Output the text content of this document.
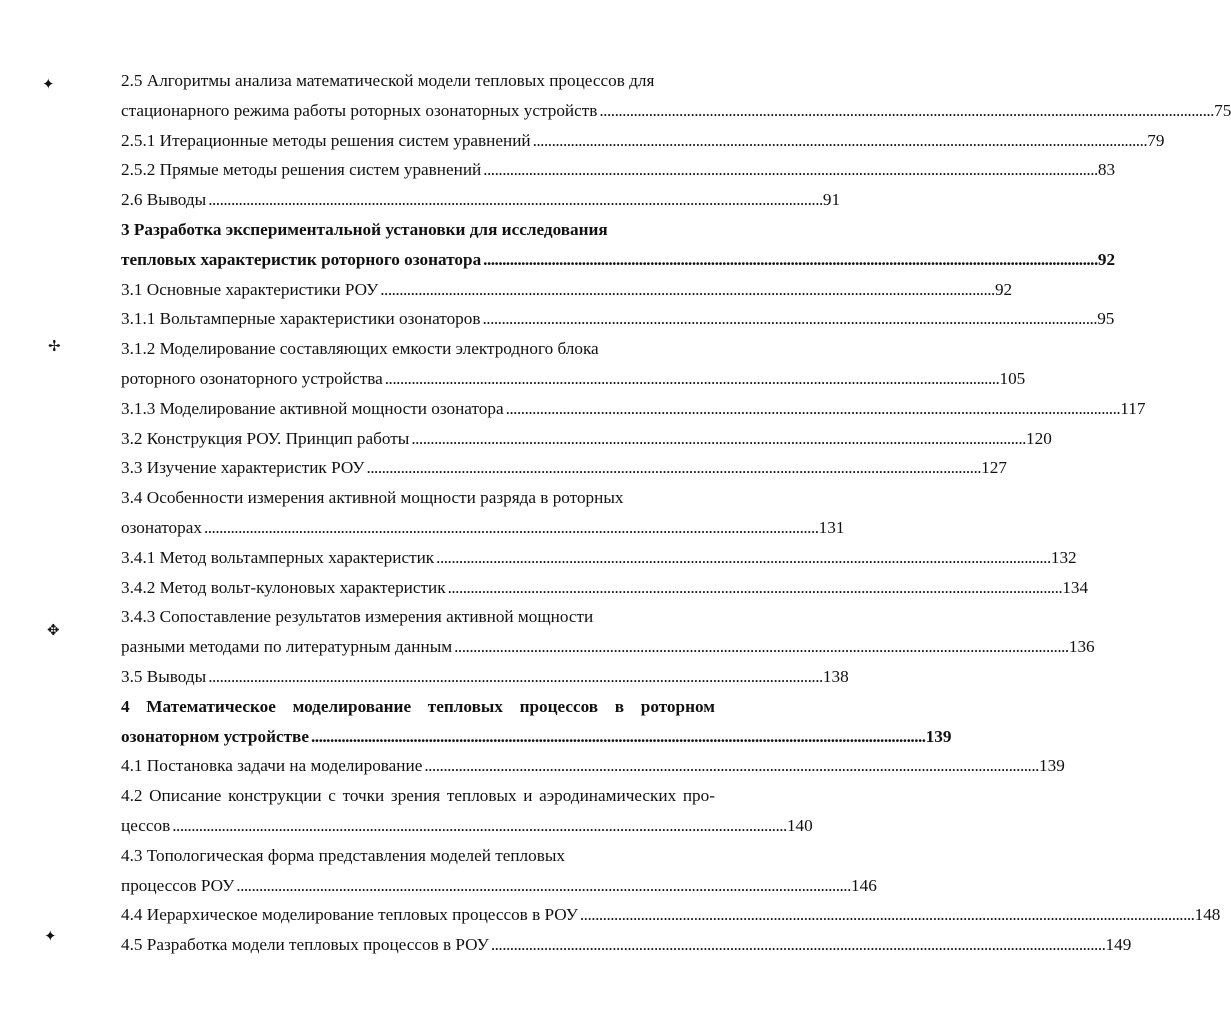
✦
✢
✥
✦
2.5 Алгоритмы анализа математической модели тепловых процессов для
стационарного режима работы роторных озонаторных устройств . . .	75
2.5.1 Итерационные методы решения систем уравнений . . .	79
2.5.2 Прямые методы решения систем уравнений . . .	83
2.6 Выводы . . .	91
3 Разработка экспериментальной установки для исследования
тепловых характеристик роторного озонатора . . .	92
3.1 Основные характеристики РОУ . . .	92
3.1.1 Вольтамперные характеристики озонаторов . . .	95
3.1.2 Моделирование составляющих емкости электродного блока
роторного озонаторного устройства . . .	105
3.1.3 Моделирование активной мощности озонатора . . .	117
3.2 Конструкция РОУ. Принцип работы . . .	120
3.3 Изучение характеристик РОУ . . .	127
3.4 Особенности измерения активной мощности разряда в роторных
озонаторах . . .	131
3.4.1 Метод вольтамперных характеристик . . .	132
3.4.2 Метод вольт-кулоновых характеристик . . .	134
3.4.3 Сопоставление результатов измерения активной мощности
разными методами по литературным данным . . .	136
3.5 Выводы . . .	138
4 Математическое моделирование тепловых процессов в роторном
озонаторном устройстве . . .	139
4.1 Постановка задачи на моделирование . . .	139
4.2 Описание конструкции с точки зрения тепловых и аэродинамических про-
цессов . . .	140
4.3 Топологическая форма представления моделей тепловых
процессов РОУ . . .	146
4.4 Иерархическое моделирование тепловых процессов в РОУ . . .	148
4.5 Разработка модели тепловых процессов в РОУ . . .	149
